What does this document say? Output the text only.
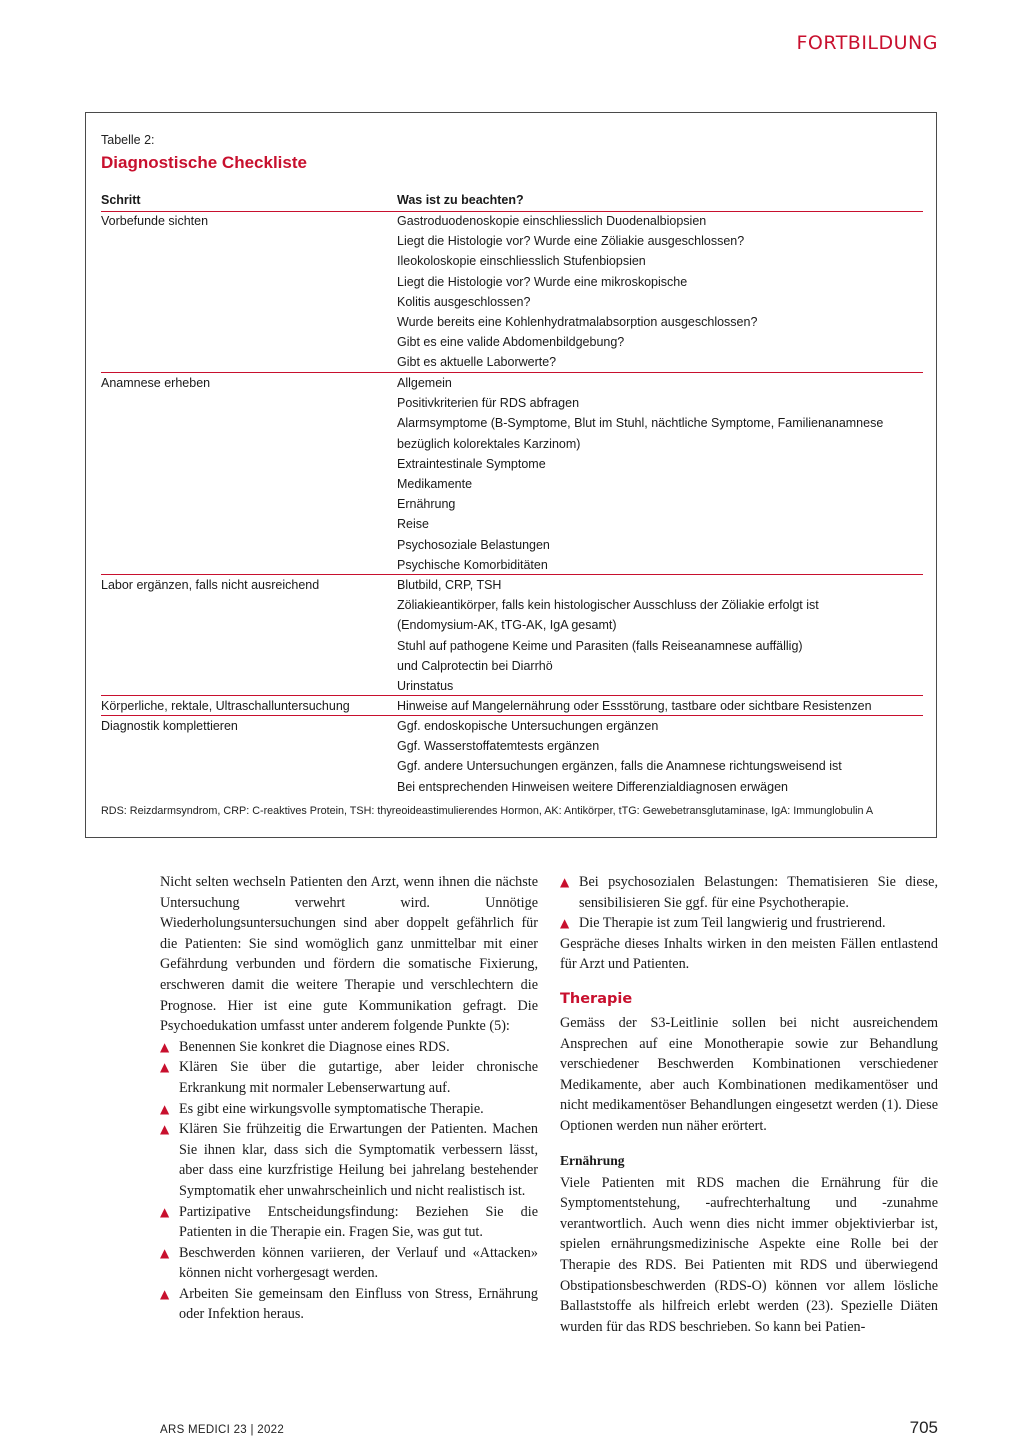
FORTBILDUNG
Tabelle 2:
Diagnostische Checkliste
Schritt	Was ist zu beachten?
Vorbefunde sichten	Gastroduodenoskopie einschliesslich Duodenalbiopsien
Liegt die Histologie vor? Wurde eine Zöliakie ausgeschlossen?
Ileokoloskopie einschliesslich Stufenbiopsien
Liegt die Histologie vor? Wurde eine mikroskopische
Kolitis ausgeschlossen?
Wurde bereits eine Kohlenhydratmalabsorption ausgeschlossen?
Gibt es eine valide Abdomenbildgebung?
Gibt es aktuelle Laborwerte?
Anamnese erheben	Allgemein
Positivkriterien für RDS abfragen
Alarmsymptome (B-Symptome, Blut im Stuhl, nächtliche Symptome, Familienanamnese
bezüglich kolorektales Karzinom)
Extraintestinale Symptome
Medikamente
Ernährung
Reise
Psychosoziale Belastungen
Psychische Komorbiditäten
Labor ergänzen, falls nicht ausreichend	Blutbild, CRP, TSH
Zöliakieantikörper, falls kein histologischer Ausschluss der Zöliakie erfolgt ist
(Endomysium-AK, tTG-AK, IgA gesamt)
Stuhl auf pathogene Keime und Parasiten (falls Reiseanamnese auffällig)
und Calprotectin bei Diarrhö
Urinstatus
Körperliche, rektale, Ultraschalluntersuchung	Hinweise auf Mangelernährung oder Essstörung, tastbare oder sichtbare Resistenzen
Diagnostik komplettieren	Ggf. endoskopische Untersuchungen ergänzen
Ggf. Wasserstoffatemtests ergänzen
Ggf. andere Untersuchungen ergänzen, falls die Anamnese richtungsweisend ist
Bei entsprechenden Hinweisen weitere Differenzialdiagnosen erwägen
RDS: Reizdarmsyndrom, CRP: C-reaktives Protein, TSH: thyreoideastimulierendes Hormon, AK: Antikörper, tTG: Gewebetransglutaminase, IgA: Immunglobulin A

Nicht selten wechseln Patienten den Arzt, wenn ihnen die nächste Untersuchung verwehrt wird. Unnötige Wiederholungsuntersuchungen sind aber doppelt gefährlich für die Patienten: Sie sind womöglich ganz unmittelbar mit einer Gefährdung verbunden und fördern die somatische Fixierung, erschweren damit die weitere Therapie und verschlechtern die Prognose. Hier ist eine gute Kommunikation gefragt. Die Psychoedukation umfasst unter anderem folgende Punkte (5):

▲ Benennen Sie konkret die Diagnose eines RDS.
▲ Klären Sie über die gutartige, aber leider chronische Erkrankung mit normaler Lebenserwartung auf.
▲ Es gibt eine wirkungsvolle symptomatische Therapie.
▲ Klären Sie frühzeitig die Erwartungen der Patienten. Machen Sie ihnen klar, dass sich die Symptomatik verbessern lässt, aber dass eine kurzfristige Heilung bei jahrelang bestehender Symptomatik eher unwahrscheinlich und nicht realistisch ist.
▲ Partizipative Entscheidungsfindung: Beziehen Sie die Patienten in die Therapie ein. Fragen Sie, was gut tut.
▲ Beschwerden können variieren, der Verlauf und «Attacken» können nicht vorhergesagt werden.
▲ Arbeiten Sie gemeinsam den Einfluss von Stress, Ernährung oder Infektion heraus.
▲ Bei psychosozialen Belastungen: Thematisieren Sie diese, sensibilisieren Sie ggf. für eine Psychotherapie.
▲ Die Therapie ist zum Teil langwierig und frustrierend.

Gespräche dieses Inhalts wirken in den meisten Fällen entlastend für Arzt und Patienten.

Therapie

Gemäss der S3-Leitlinie sollen bei nicht ausreichendem Ansprechen auf eine Monotherapie sowie zur Behandlung verschiedener Beschwerden Kombinationen verschiedener Medikamente, aber auch Kombinationen medikamentöser und nicht medikamentöser Behandlungen eingesetzt werden (1). Diese Optionen werden nun näher erörtert.

Ernährung

Viele Patienten mit RDS machen die Ernährung für die Symptomentstehung, -aufrechterhaltung und -zunahme verantwortlich. Auch wenn dies nicht immer objektivierbar ist, spielen ernährungsmedizinische Aspekte eine Rolle bei der Therapie des RDS. Bei Patienten mit RDS und überwiegend Obstipationsbeschwerden (RDS-O) können vor allem lösliche Ballaststoffe als hilfreich erlebt werden (23). Spezielle Diäten wurden für das RDS beschrieben. So kann bei Patien-

ARS MEDICI 23 | 2022	705
